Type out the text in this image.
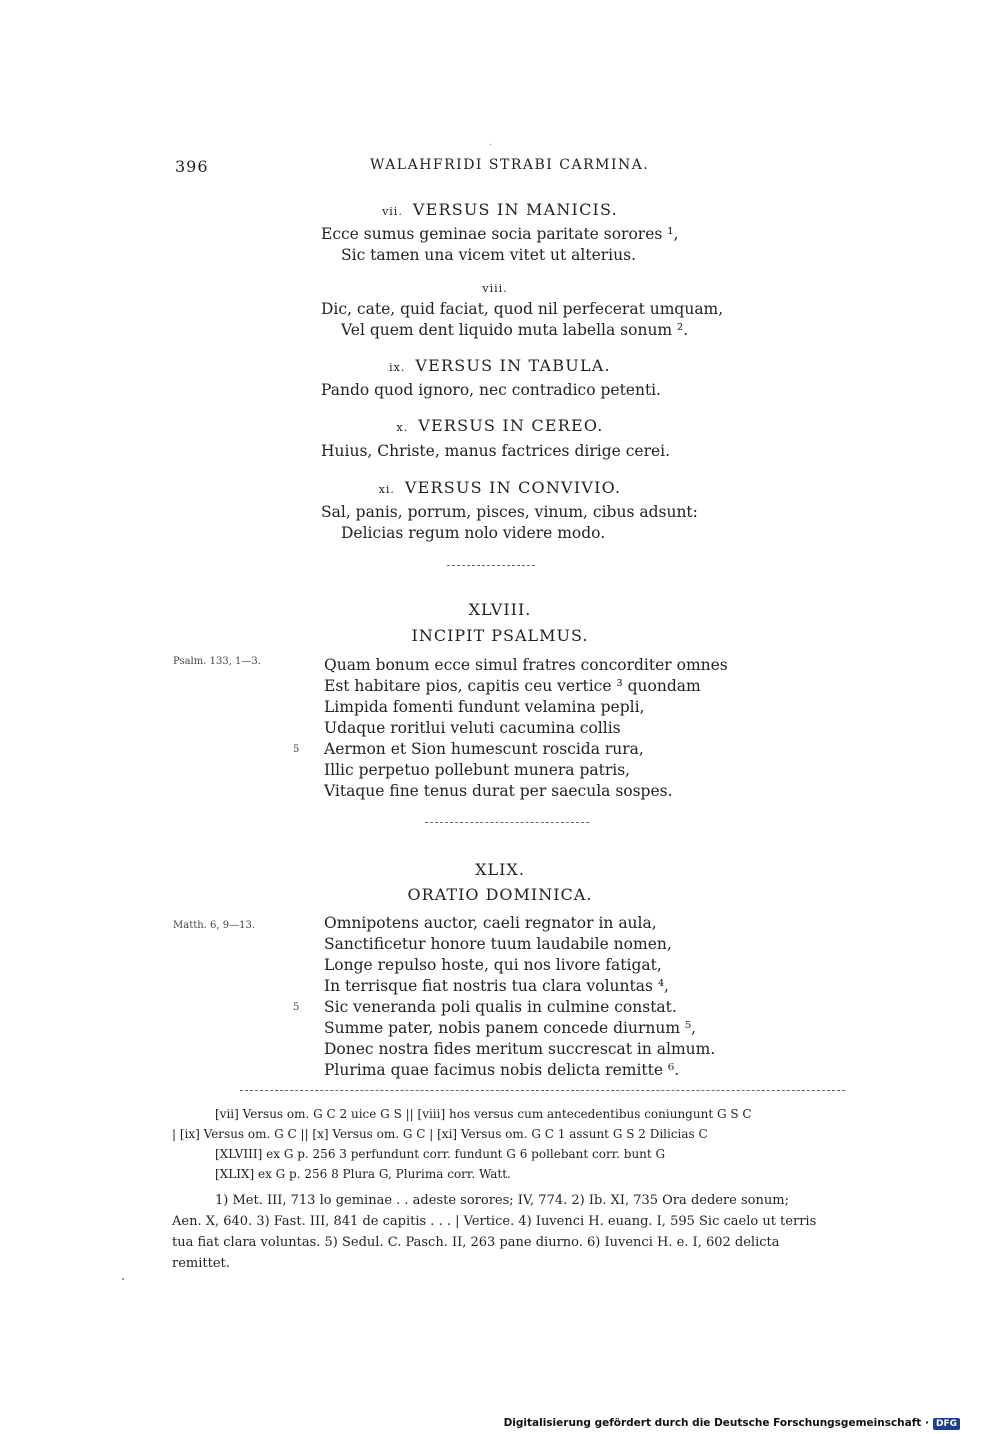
·
396	WALAHFRIDI STRABI CARMINA.
vii. VERSUS IN MANICIS.
Ecce sumus geminae socia paritate sorores ¹,
Sic tamen una vicem vitet ut alterius.
viii.
Dic, cate, quid faciat, quod nil perfecerat umquam,
Vel quem dent liquido muta labella sonum ².
ix. VERSUS IN TABULA.
Pando quod ignoro, nec contradico petenti.
x. VERSUS IN CEREO.
Huius, Christe, manus factrices dirige cerei.
xi. VERSUS IN CONVIVIO.
Sal, panis, porrum, pisces, vinum, cibus adsunt:
Delicias regum nolo videre modo.
XLVIII.
INCIPIT PSALMUS.
Psalm. 133, 1—3.	Quam bonum ecce simul fratres concorditer omnes
Est habitare pios, capitis ceu vertice ³ quondam
Limpida fomenti fundunt velamina pepli,
Udaque roritlui veluti cacumina collis
5 Aermon et Sion humescunt roscida rura,
Illic perpetuo pollebunt munera patris,
Vitaque fine tenus durat per saecula sospes.
XLIX.
ORATIO DOMINICA.
Matth. 6, 9—13.	Omnipotens auctor, caeli regnator in aula,
Sanctificetur honore tuum laudabile nomen,
Longe repulso hoste, qui nos livore fatigat,
In terrisque fiat nostris tua clara voluntas ⁴,
5 Sic veneranda poli qualis in culmine constat.
Summe pater, nobis panem concede diurnum ⁵,
Donec nostra fides meritum succrescat in almum.
Plurima quae facimus nobis delicta remitte ⁶.
[vii] Versus om. G C 2 uice G S || [viii] hos versus cum antecedentibus coniungunt G S C
| [ix] Versus om. G C || [x] Versus om. G C | [xi] Versus om. G C 1 assunt G S 2 Dilicias C
[XLVIII] ex G p. 256 3 perfundunt corr. fundunt G 6 pollebant corr. bunt G
[XLIX] ex G p. 256 8 Plura G, Plurima corr. Watt.
1) Met. III, 713 lo geminae . . adeste sorores; IV, 774. 2) Ib. XI, 735 Ora dedere sonum;
Aen. X, 640. 3) Fast. III, 841 de capitis . . . | Vertice. 4) Iuvenci H. euang. I, 595 Sic caelo ut terris
tua fiat clara voluntas. 5) Sedul. C. Pasch. II, 263 pane diurno. 6) Iuvenci H. e. I, 602 delicta
remittet.
Digitalisierung gefördert durch die Deutsche Forschungsgemeinschaft · DFG
